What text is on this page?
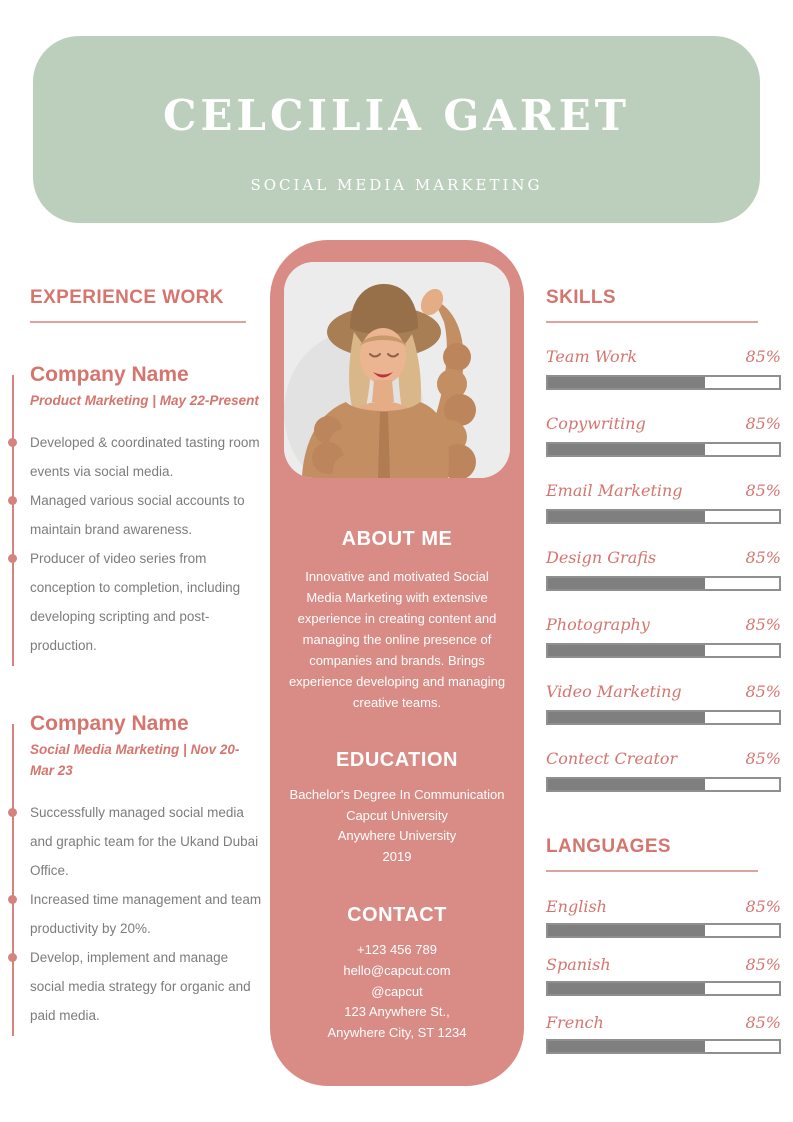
CELCILIA GARET
SOCIAL MEDIA MARKETING
EXPERIENCE WORK
Company Name
Product Marketing | May 22-Present
Developed & coordinated tasting room events via social media.
Managed various social accounts to maintain brand awareness.
Producer of video series from conception to completion, including developing scripting and post-production.
Company Name
Social Media Marketing | Nov 20-Mar 23
Successfully managed social media and graphic team for the Ukand Dubai Office.
Increased time management and team productivity by 20%.
Develop, implement and manage social media strategy for organic and paid media.
ABOUT ME
Innovative and motivated Social Media Marketing with extensive experience in creating content and managing the online presence of companies and brands. Brings experience developing and managing creative teams.
EDUCATION
Bachelor's Degree In Communication
Capcut University
Anywhere University
2019
CONTACT
+123 456 789
hello@capcut.com
@capcut
123 Anywhere St.,
Anywhere City, ST 1234
SKILLS
Team Work	85%
Copywriting	85%
Email Marketing	85%
Design Grafis	85%
Photography	85%
Video Marketing	85%
Contect Creator	85%
LANGUAGES
English	85%
Spanish	85%
French	85%
